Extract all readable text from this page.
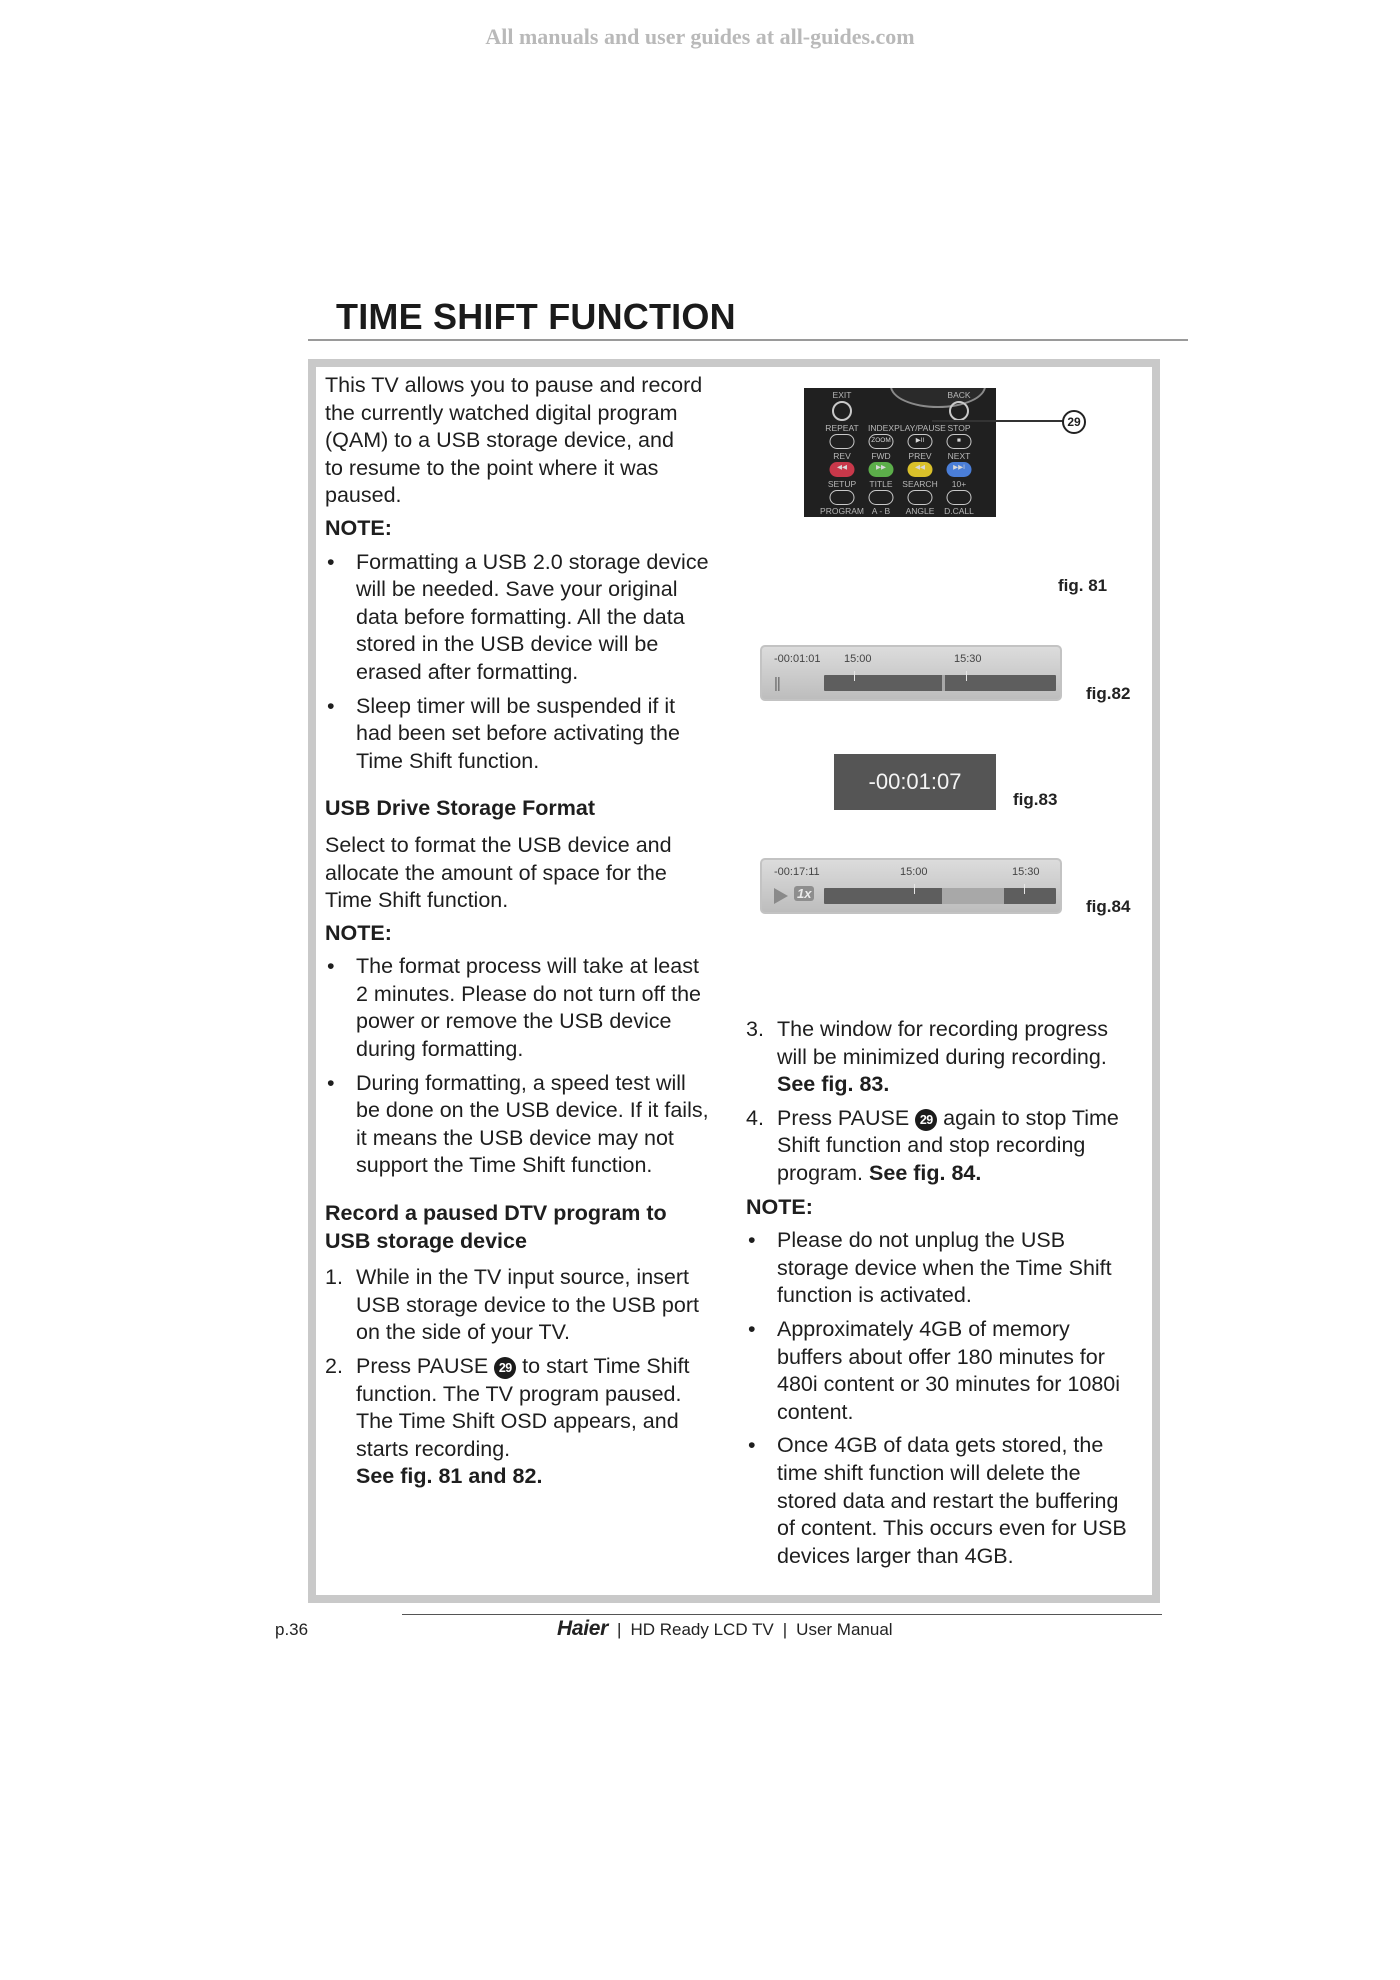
All manuals and user guides at all-guides.com
TIME SHIFT FUNCTION

This TV allows you to pause and record
the currently watched digital program
(QAM) to a USB storage device, and
to resume to the point where it was
paused.

NOTE:

• Formatting a USB 2.0 storage device
will be needed. Save your original
data before formatting. All the data
stored in the USB device will be
erased after formatting.
• Sleep timer will be suspended if it
had been set before activating the
Time Shift function.

USB Drive Storage Format

Select to format the USB device and
allocate the amount of space for the
Time Shift function.

NOTE:

• The format process will take at least
2 minutes. Please do not turn off the
power or remove the USB device
during formatting.
• During formatting, a speed test will
be done on the USB device. If it fails,
it means the USB device may not
support the Time Shift function.

Record a paused DTV program to
USB storage device

1. While in the TV input source, insert
USB storage device to the USB port
on the side of your TV.
2. Press PAUSE 29 to start Time Shift
function. The TV program paused.
The Time Shift OSD appears, and
starts recording.
See fig. 81 and 82.
3. The window for recording progress
will be minimized during recording.
See fig. 83.
4. Press PAUSE 29 again to stop Time
Shift function and stop recording
program. See fig. 84.

NOTE:

• Please do not unplug the USB
storage device when the Time Shift
function is activated.
• Approximately 4GB of memory
buffers about offer 180 minutes for
480i content or 30 minutes for 1080i
content.
• Once 4GB of data gets stored, the
time shift function will delete the
stored data and restart the buffering
of content. This occurs even for USB
devices larger than 4GB.
EXIT	BACK
REPEAT INDEX PLAY/PAUSE STOP
ZOOM	▶II	■
REV FWD PREV NEXT
◀◀	▶▶	◀◀	▶▶I
SETUP TITLE SEARCH 10+
PROGRAM A - B ANGLE D.CALL
29
fig. 81
-00:01:01 15:00	15:30
||
fig.82
-00:01:07
fig.83
-00:17:11	15:00	15:30
1x
fig.84
p.36	Haier | HD Ready LCD TV | User Manual
